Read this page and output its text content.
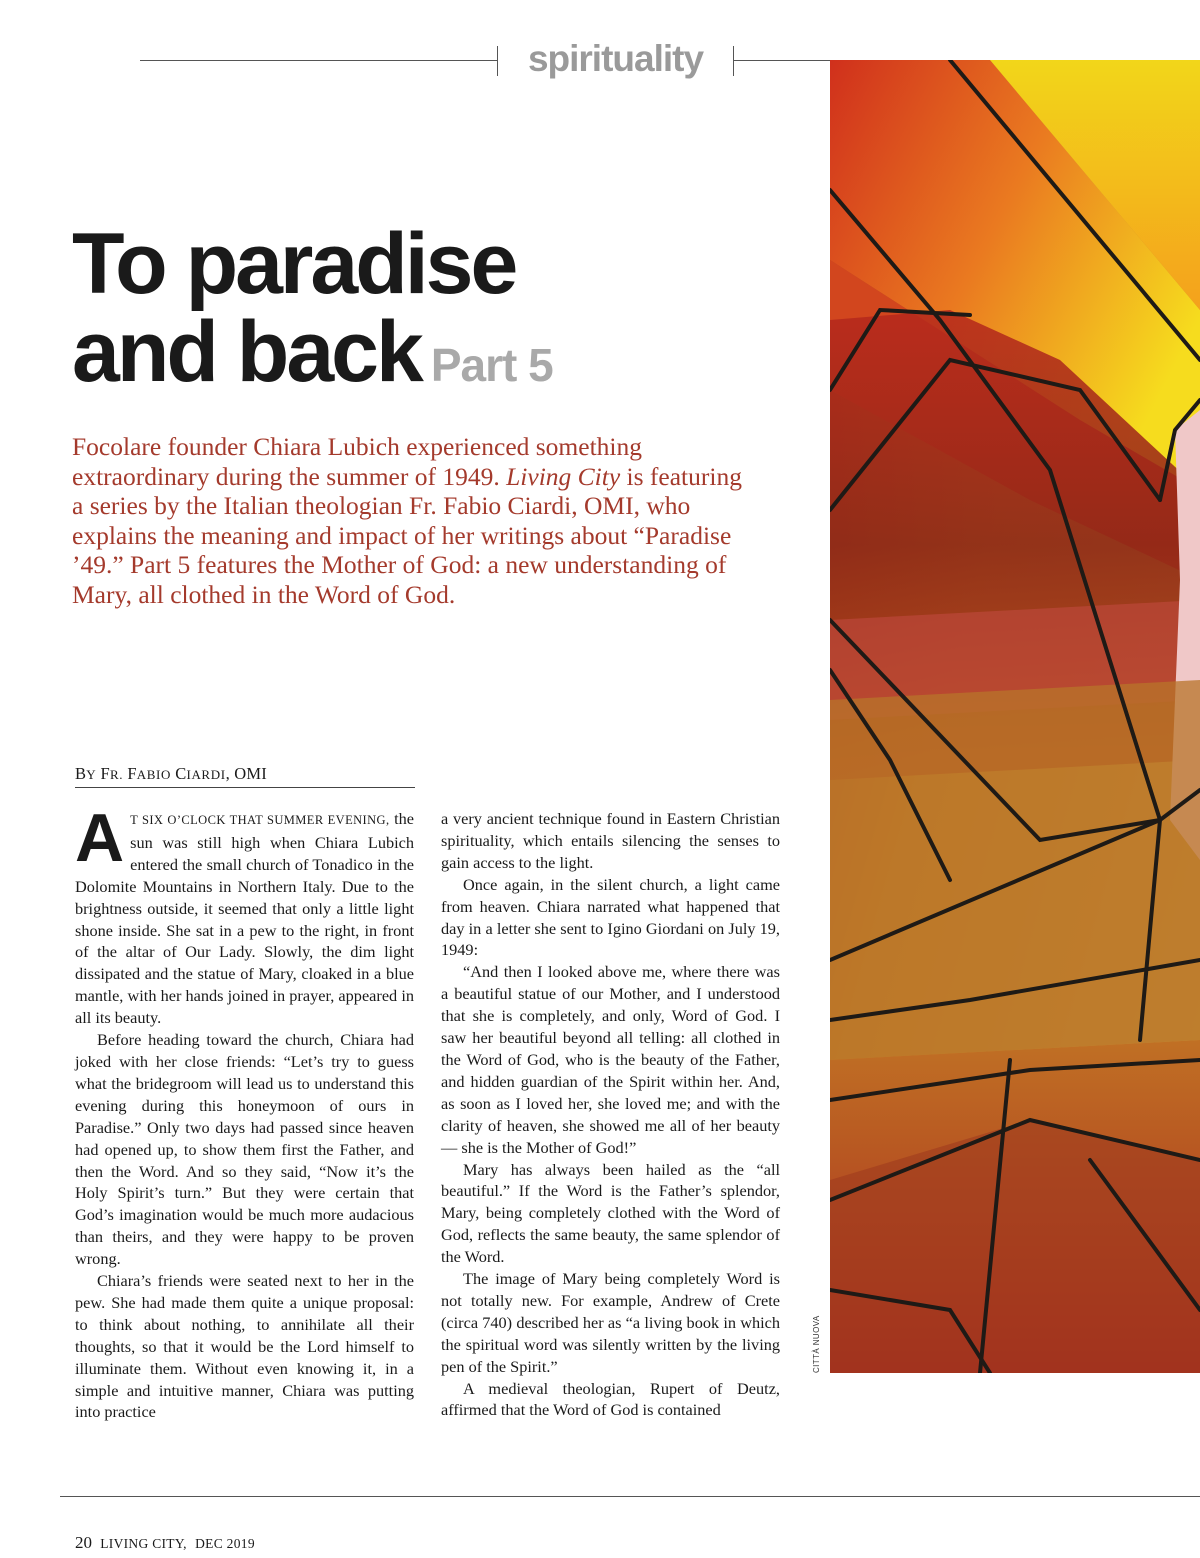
spirituality
To paradise
and back Part 5

Focolare founder Chiara Lubich experienced something extraordinary during the summer of 1949. Living City is featuring a series by the Italian theologian Fr. Fabio Ciardi, OMI, who explains the meaning and impact of her writings about “Paradise ’49.” Part 5 features the Mother of God: a new understanding of Mary, all clothed in the Word of God.

BY FR. FABIO CIARDI, OMI

A T SIX O’CLOCK THAT SUMMER EVENING, the sun was still high when Chiara Lubich entered the small church of Tonadico in the Dolomite Mountains in Northern Italy. Due to the brightness outside, it seemed that only a little light shone inside. She sat in a pew to the right, in front of the altar of Our Lady. Slowly, the dim light dissipated and the statue of Mary, cloaked in a blue mantle, with her hands joined in prayer, appeared in all its beauty.

Before heading toward the church, Chiara had joked with her close friends: “Let’s try to guess what the bridegroom will lead us to understand this evening during this honeymoon of ours in Paradise.” Only two days had passed since heaven had opened up, to show them first the Father, and then the Word. And so they said, “Now it’s the Holy Spirit’s turn.” But they were certain that God’s imagination would be much more audacious than theirs, and they were happy to be proven wrong.

Chiara’s friends were seated next to her in the pew. She had made them quite a unique proposal: to think about nothing, to annihilate all their thoughts, so that it would be the Lord himself to illuminate them. Without even knowing it, in a simple and intuitive manner, Chiara was putting into practice

a very ancient technique found in Eastern Christian spirituality, which entails silencing the senses to gain access to the light.

Once again, in the silent church, a light came from heaven. Chiara narrated what happened that day in a letter she sent to Igino Giordani on July 19, 1949:

“And then I looked above me, where there was a beautiful statue of our Mother, and I understood that she is completely, and only, Word of God. I saw her beautiful beyond all telling: all clothed in the Word of God, who is the beauty of the Father, and hidden guardian of the Spirit within her. And, as soon as I loved her, she loved me; and with the clarity of heaven, she showed me all of her beauty — she is the Mother of God!”

Mary has always been hailed as the “all beautiful.” If the Word is the Father’s splendor, Mary, being completely clothed with the Word of God, reflects the same beauty, the same splendor of the Word.

The image of Mary being completely Word is not totally new. For example, Andrew of Crete (circa 740) described her as “a living book in which the spiritual word was silently written by the living pen of the Spirit.”

A medieval theologian, Rupert of Deutz, affirmed that the Word of God is contained

CITTÀ NUOVA
20 LIVING CITY, DEC 2019
